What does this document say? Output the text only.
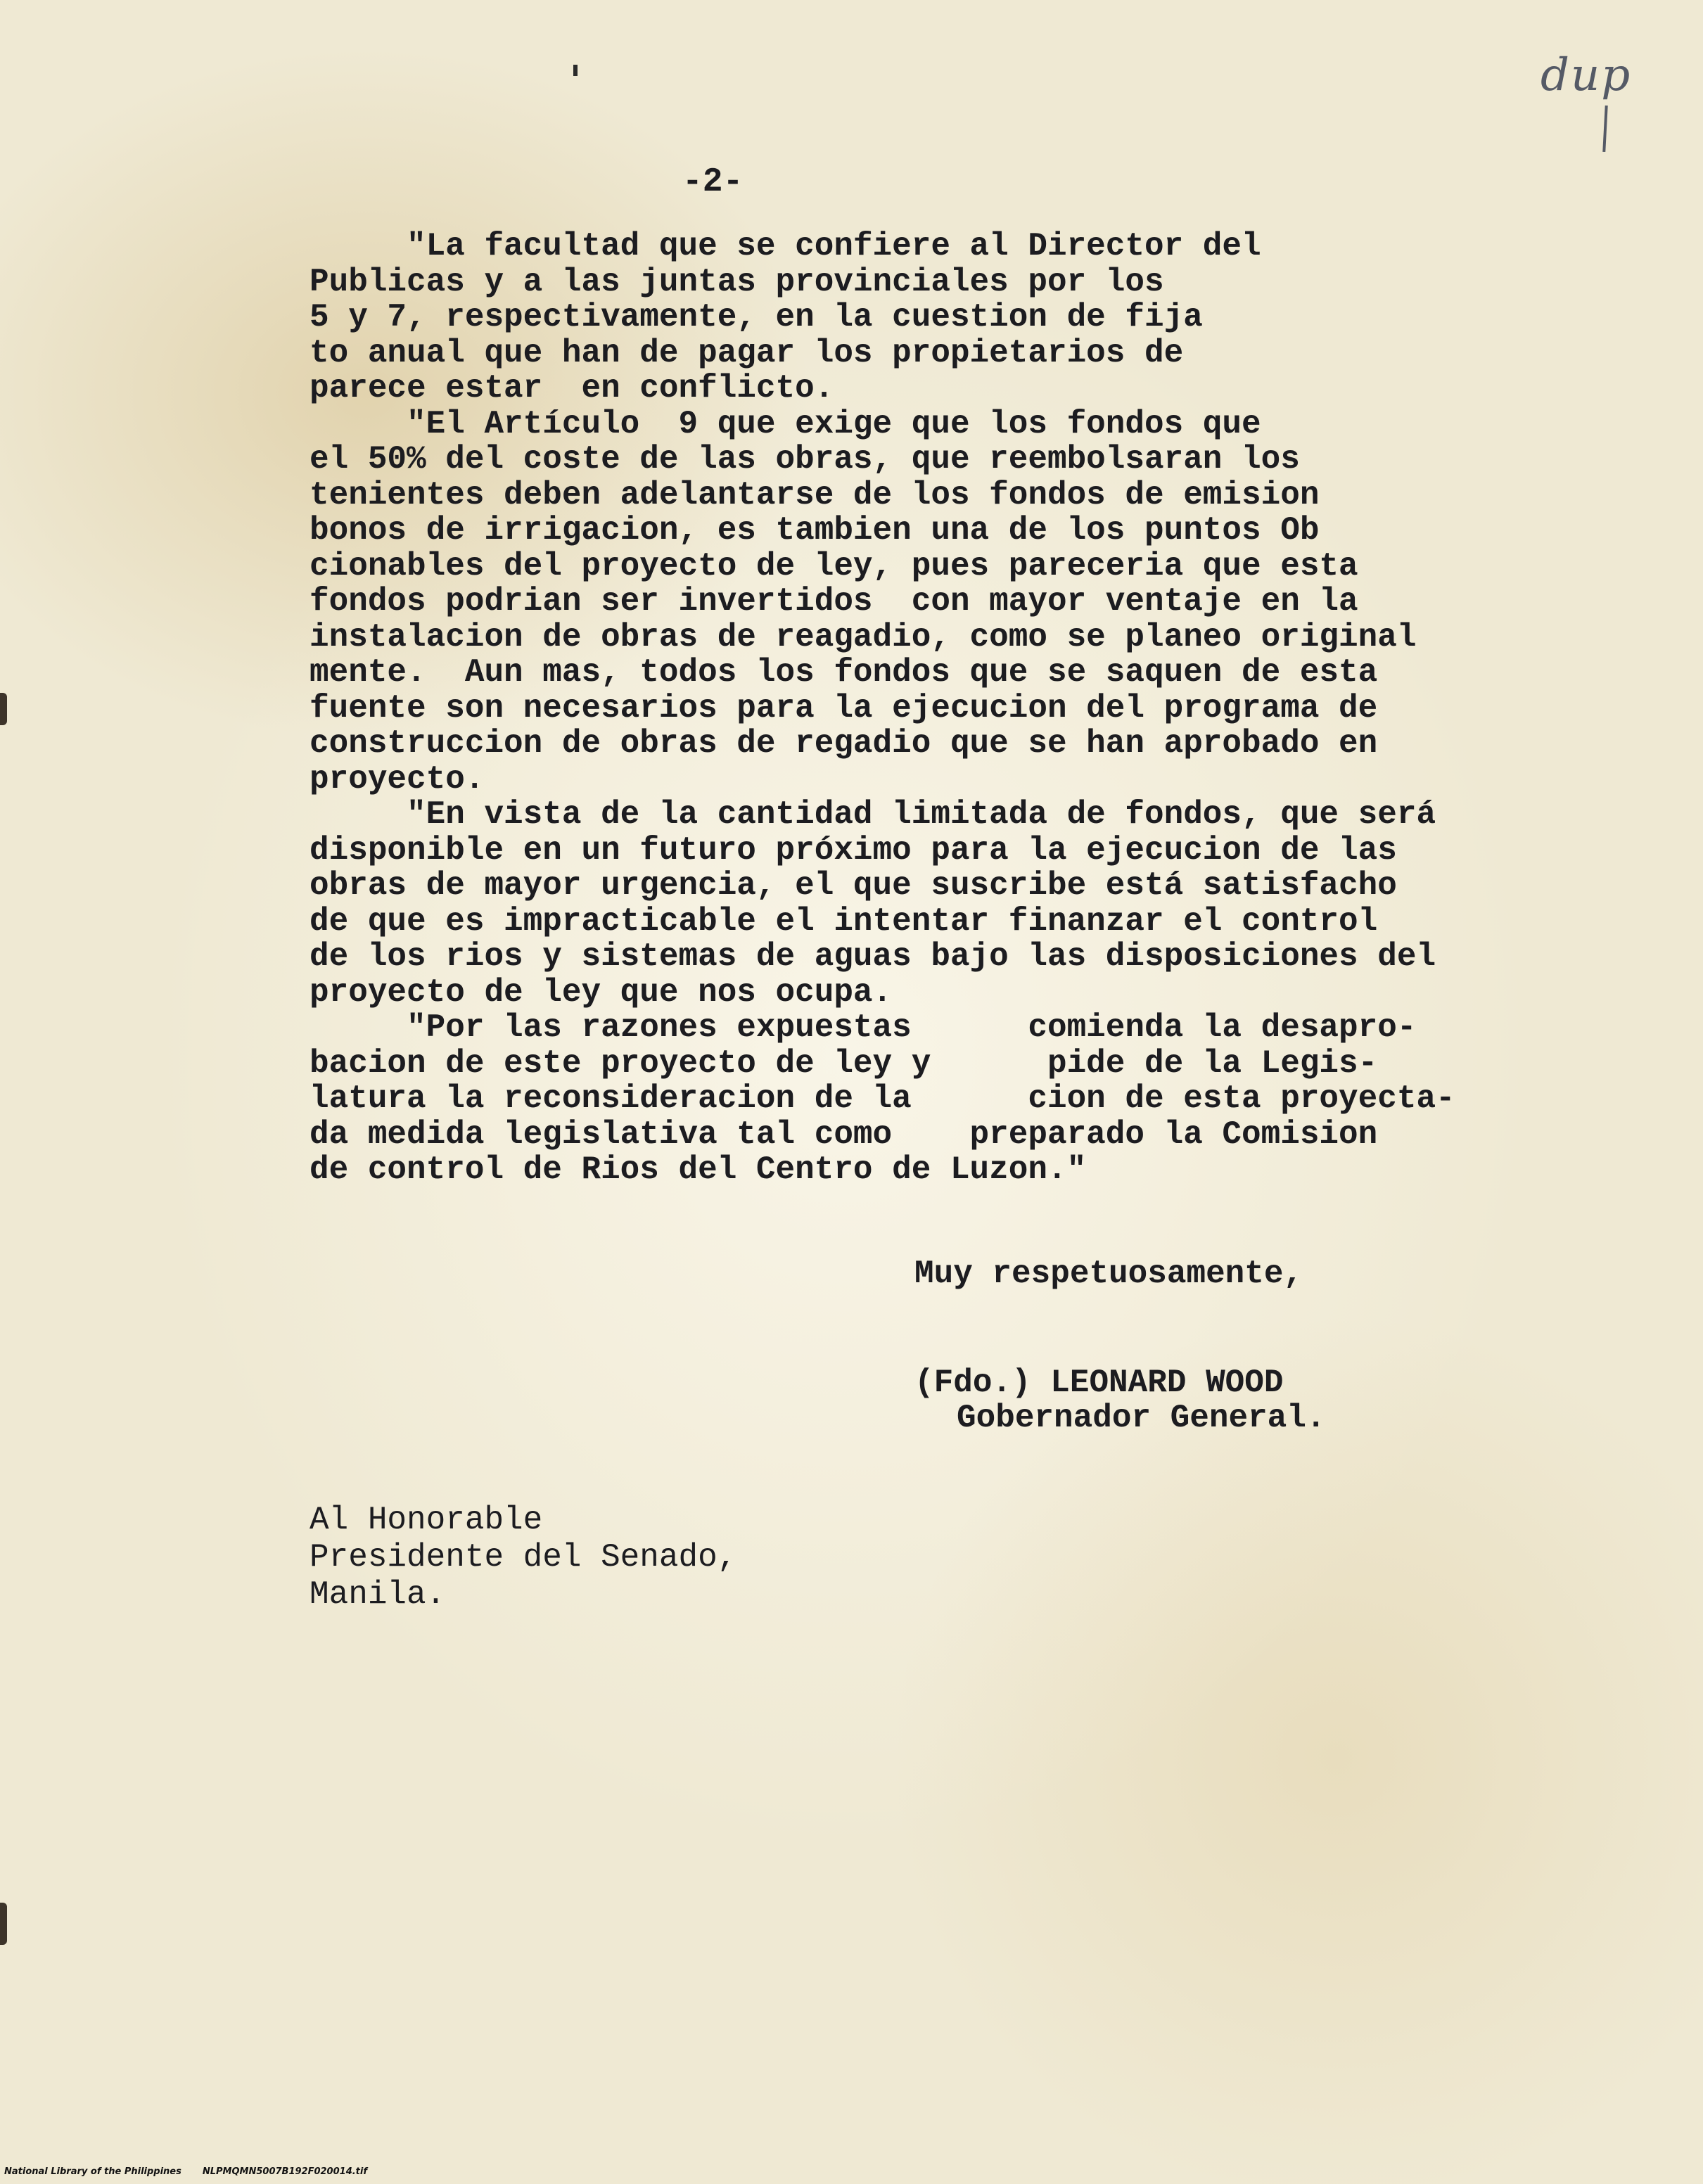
dup
-2-
"La facultad que se confiere al Director del
Publicas y a las juntas provinciales por los
5 y 7, respectivamente, en la cuestion de fija
to anual que han de pagar los propietarios de
parece estar  en conflicto.
"El Artículo  9 que exige que los fondos que
el 50% del coste de las obras, que reembolsaran los
tenientes deben adelantarse de los fondos de emision
bonos de irrigacion, es tambien una de los puntos Ob
cionables del proyecto de ley, pues pareceria que esta
fondos podrian ser invertidos  con mayor ventaje en la
instalacion de obras de reagadio, como se planeo original
mente.  Aun mas, todos los fondos que se saquen de esta
fuente son necesarios para la ejecucion del programa de
construccion de obras de regadio que se han aprobado en
proyecto.
"En vista de la cantidad limitada de fondos, que será
disponible en un futuro próximo para la ejecucion de las
obras de mayor urgencia, el que suscribe está satisfacho
de que es impracticable el intentar finanzar el control
de los rios y sistemas de aguas bajo las disposiciones del
proyecto de ley que nos ocupa.
"Por las razones expuestas      comienda la desapro-
bacion de este proyecto de ley y      pide de la Legis-
latura la reconsideracion de la      cion de esta proyecta-
da medida legislativa tal como    preparado la Comision
de control de Rios del Centro de Luzon."
Muy respetuosamente,
(Fdo.) LEONARD WOOD
Gobernador General.
Al Honorable
Presidente del Senado,
Manila.
National Library of the Philippines NLPMQMN5007B192F020014.tif
